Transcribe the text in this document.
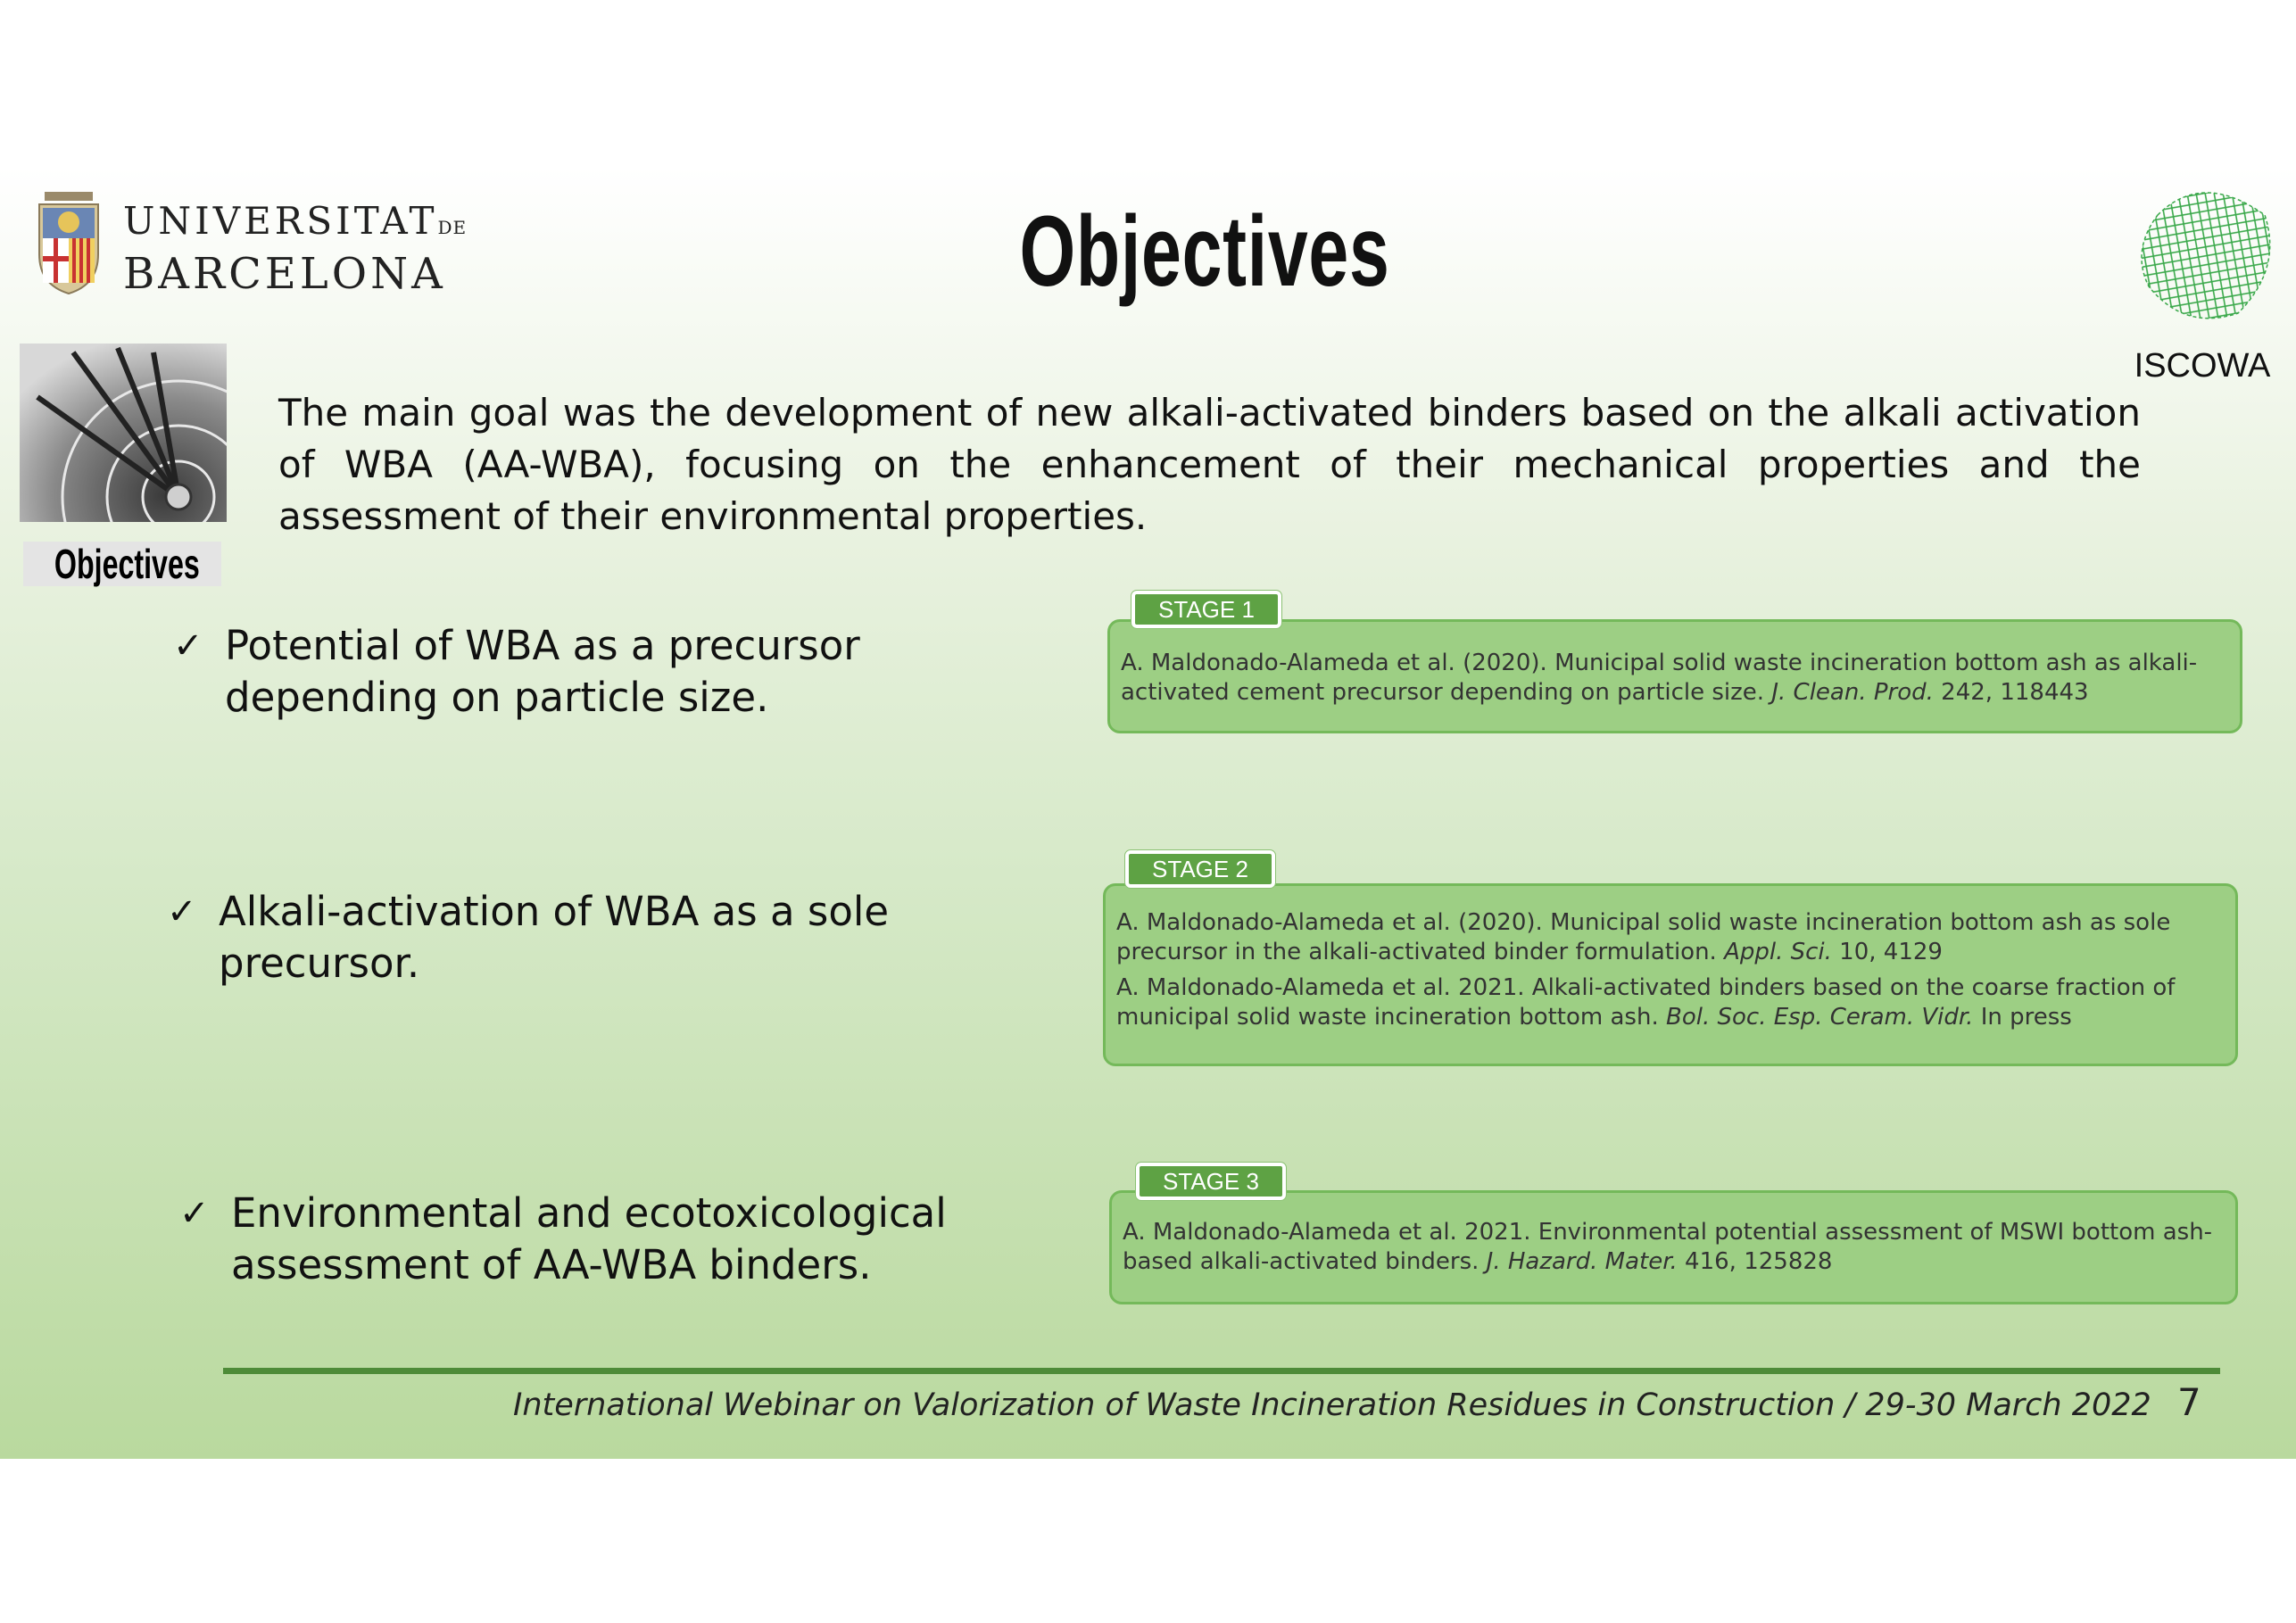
UNIVERSITATDE
BARCELONA	Objectives
ISCOWA
Objectives
The main goal was the development of new alkali-activated binders based on the alkali activation of WBA (AA-WBA), focusing on the enhancement of their mechanical properties and the assessment of their environmental properties.
✓ Potential of WBA as a precursor
depending on particle size.
✓ Alkali-activation of WBA as a sole
precursor.
✓ Environmental and ecotoxicological
assessment of AA-WBA binders.

A. Maldonado-Alameda et al. (2020). Municipal solid waste incineration bottom ash as alkali-activated cement precursor depending on particle size. J. Clean. Prod. 242, 118443

STAGE 1

A. Maldonado-Alameda et al. (2020). Municipal solid waste incineration bottom ash as sole precursor in the alkali-activated binder formulation. Appl. Sci. 10, 4129

A. Maldonado-Alameda et al. 2021. Alkali-activated binders based on the coarse fraction of municipal solid waste incineration bottom ash. Bol. Soc. Esp. Ceram. Vidr. In press

STAGE 2

A. Maldonado-Alameda et al. 2021. Environmental potential assessment of MSWI bottom ash-based alkali-activated binders. J. Hazard. Mater. 416, 125828

STAGE 3
International Webinar on Valorization of Waste Incineration Residues in Construction / 29-30 March 2022 7
